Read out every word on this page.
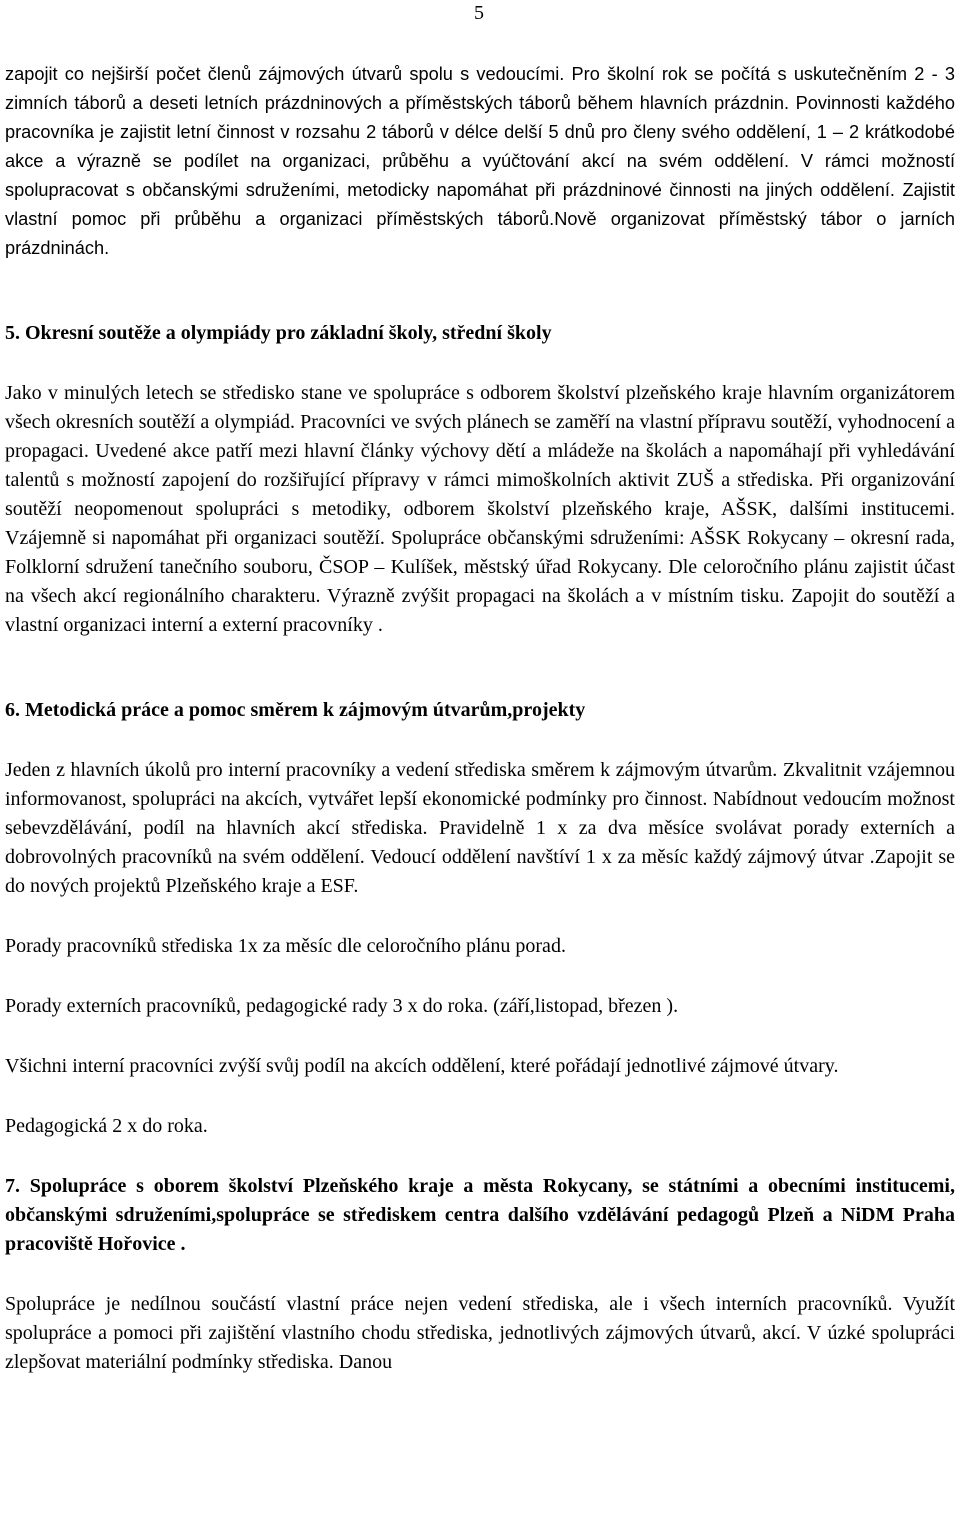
5

zapojit co nejširší počet členů zájmových útvarů spolu s vedoucími. Pro školní rok se počítá s uskutečněním 2 - 3 zimních táborů a deseti letních prázdninových a příměstských táborů během hlavních prázdnin. Povinnosti každého pracovníka je zajistit letní činnost v rozsahu 2 táborů v délce delší 5 dnů pro členy svého oddělení, 1 – 2 krátkodobé akce a výrazně se podílet na organizaci, průběhu a vyúčtování akcí na svém oddělení. V rámci možností spolupracovat s občanskými sdruženími, metodicky napomáhat při prázdninové činnosti na jiných oddělení. Zajistit vlastní pomoc při průběhu a organizaci příměstských táborů.Nově organizovat příměstský tábor o jarních prázdninách.

5. Okresní soutěže a olympiády pro základní školy, střední školy

Jako v minulých letech se středisko stane ve spolupráce s odborem školství plzeňského kraje hlavním organizátorem všech okresních soutěží a olympiád. Pracovníci ve svých plánech se zaměří na vlastní přípravu soutěží, vyhodnocení a propagaci. Uvedené akce patří mezi hlavní články výchovy dětí a mládeže na školách a napomáhají při vyhledávání talentů s možností zapojení do rozšiřující přípravy v rámci mimoškolních aktivit ZUŠ a střediska. Při organizování soutěží neopomenout spolupráci s metodiky, odborem školství plzeňského kraje, AŠSK, dalšími institucemi. Vzájemně si napomáhat při organizaci soutěží. Spolupráce občanskými sdruženími: AŠSK Rokycany – okresní rada, Folklorní sdružení tanečního souboru, ČSOP – Kulíšek, městský úřad Rokycany. Dle celoročního plánu zajistit účast na všech akcí regionálního charakteru. Výrazně zvýšit propagaci na školách a v místním tisku. Zapojit do soutěží a vlastní organizaci interní a externí pracovníky .

6. Metodická práce a pomoc směrem k zájmovým útvarům,projekty

Jeden z hlavních úkolů pro interní pracovníky a vedení střediska směrem k zájmovým útvarům. Zkvalitnit vzájemnou informovanost, spolupráci na akcích, vytvářet lepší ekonomické podmínky pro činnost. Nabídnout vedoucím možnost sebevzdělávání, podíl na hlavních akcí střediska. Pravidelně 1 x za dva měsíce svolávat porady externích a dobrovolných pracovníků na svém oddělení. Vedoucí oddělení navštíví 1 x za měsíc každý zájmový útvar .Zapojit se do nových projektů Plzeňského kraje a ESF.

Porady pracovníků střediska 1x za měsíc dle celoročního plánu porad.

Porady externích pracovníků, pedagogické rady 3 x do roka. (září,listopad, březen ).

Všichni interní pracovníci zvýší svůj podíl na akcích oddělení, které pořádají jednotlivé zájmové útvary.

Pedagogická 2 x do roka.

7. Spolupráce s oborem školství Plzeňského kraje a města Rokycany, se státními a obecními institucemi, občanskými sdruženími,spolupráce se střediskem centra dalšího vzdělávání pedagogů Plzeň a NiDM Praha pracoviště Hořovice .

Spolupráce je nedílnou součástí vlastní práce nejen vedení střediska, ale i všech interních pracovníků. Využít spolupráce a pomoci při zajištění vlastního chodu střediska, jednotlivých zájmových útvarů, akcí. V úzké spolupráci zlepšovat materiální podmínky střediska. Danou
